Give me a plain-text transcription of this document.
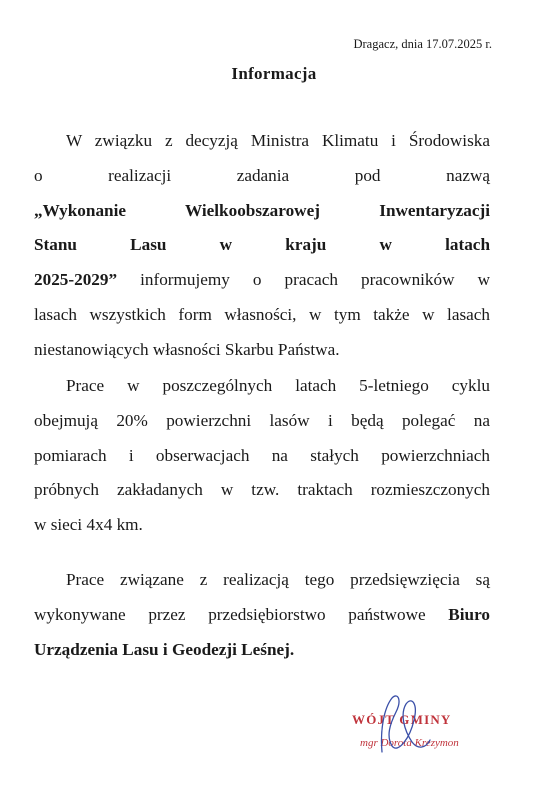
Dragacz, dnia 17.07.2025 r.
Informacja

W związku z decyzją Ministra Klimatu i Środowiska

o realizacji zadania pod nazwą

„Wykonanie Wielkoobszarowej Inwentaryzacji

Stanu Lasu w kraju w latach

2025-2029” informujemy o pracach pracowników w

lasach wszystkich form własności, w tym także w lasach

niestanowiących własności Skarbu Państwa.

Prace w poszczególnych latach 5-letniego cyklu

obejmują 20% powierzchni lasów i będą polegać na

pomiarach i obserwacjach na stałych powierzchniach

próbnych zakładanych w tzw. traktach rozmieszczonych

w sieci 4x4 km.

Prace związane z realizacją tego przedsięwzięcia są

wykonywane przez przedsiębiorstwo państwowe Biuro

Urządzenia Lasu i Geodezji Leśnej.

WÓJT GMINY
mgr Dorota Krezymon
